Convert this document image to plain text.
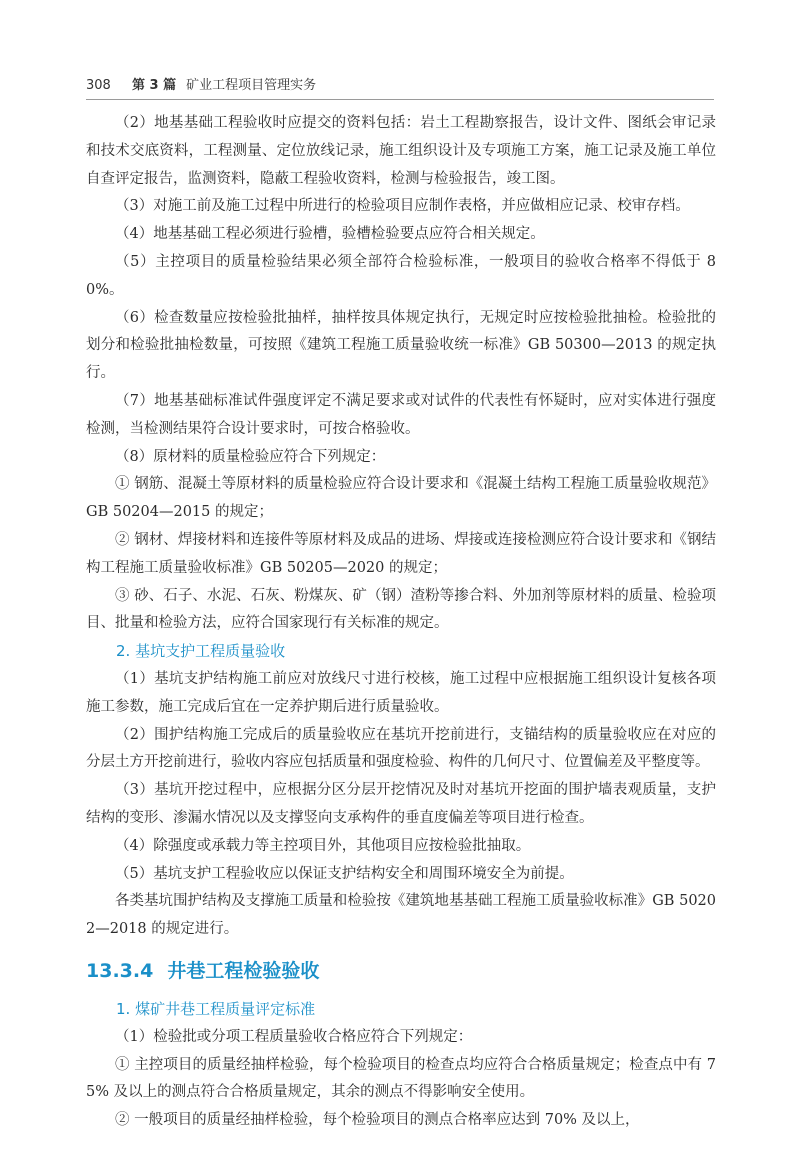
308 第 3 篇 矿业工程项目管理实务

（2）地基基础工程验收时应提交的资料包括：岩土工程勘察报告，设计文件、图纸会审记录和技术交底资料，工程测量、定位放线记录，施工组织设计及专项施工方案，施工记录及施工单位自查评定报告，监测资料，隐蔽工程验收资料，检测与检验报告，竣工图。

（3）对施工前及施工过程中所进行的检验项目应制作表格，并应做相应记录、校审存档。

（4）地基基础工程必须进行验槽，验槽检验要点应符合相关规定。

（5）主控项目的质量检验结果必须全部符合检验标准，一般项目的验收合格率不得低于 80%。

（6）检查数量应按检验批抽样，抽样按具体规定执行，无规定时应按检验批抽检。检验批的划分和检验批抽检数量，可按照《建筑工程施工质量验收统一标准》GB 50300—2013 的规定执行。

（7）地基基础标准试件强度评定不满足要求或对试件的代表性有怀疑时，应对实体进行强度检测，当检测结果符合设计要求时，可按合格验收。

（8）原材料的质量检验应符合下列规定：

① 钢筋、混凝土等原材料的质量检验应符合设计要求和《混凝土结构工程施工质量验收规范》GB 50204—2015 的规定；

② 钢材、焊接材料和连接件等原材料及成品的进场、焊接或连接检测应符合设计要求和《钢结构工程施工质量验收标准》GB 50205—2020 的规定；

③ 砂、石子、水泥、石灰、粉煤灰、矿（钢）渣粉等掺合料、外加剂等原材料的质量、检验项目、批量和检验方法，应符合国家现行有关标准的规定。

2. 基坑支护工程质量验收

（1）基坑支护结构施工前应对放线尺寸进行校核，施工过程中应根据施工组织设计复核各项施工参数，施工完成后宜在一定养护期后进行质量验收。

（2）围护结构施工完成后的质量验收应在基坑开挖前进行，支锚结构的质量验收应在对应的分层土方开挖前进行，验收内容应包括质量和强度检验、构件的几何尺寸、位置偏差及平整度等。

（3）基坑开挖过程中，应根据分区分层开挖情况及时对基坑开挖面的围护墙表观质量，支护结构的变形、渗漏水情况以及支撑竖向支承构件的垂直度偏差等项目进行检查。

（4）除强度或承载力等主控项目外，其他项目应按检验批抽取。

（5）基坑支护工程验收应以保证支护结构安全和周围环境安全为前提。

各类基坑围护结构及支撑施工质量和检验按《建筑地基基础工程施工质量验收标准》GB 50202—2018 的规定进行。

13.3.4 井巷工程检验验收

1. 煤矿井巷工程质量评定标准

（1）检验批或分项工程质量验收合格应符合下列规定：

① 主控项目的质量经抽样检验，每个检验项目的检查点均应符合合格质量规定；检查点中有 75% 及以上的测点符合合格质量规定，其余的测点不得影响安全使用。

② 一般项目的质量经抽样检验，每个检验项目的测点合格率应达到 70% 及以上，
